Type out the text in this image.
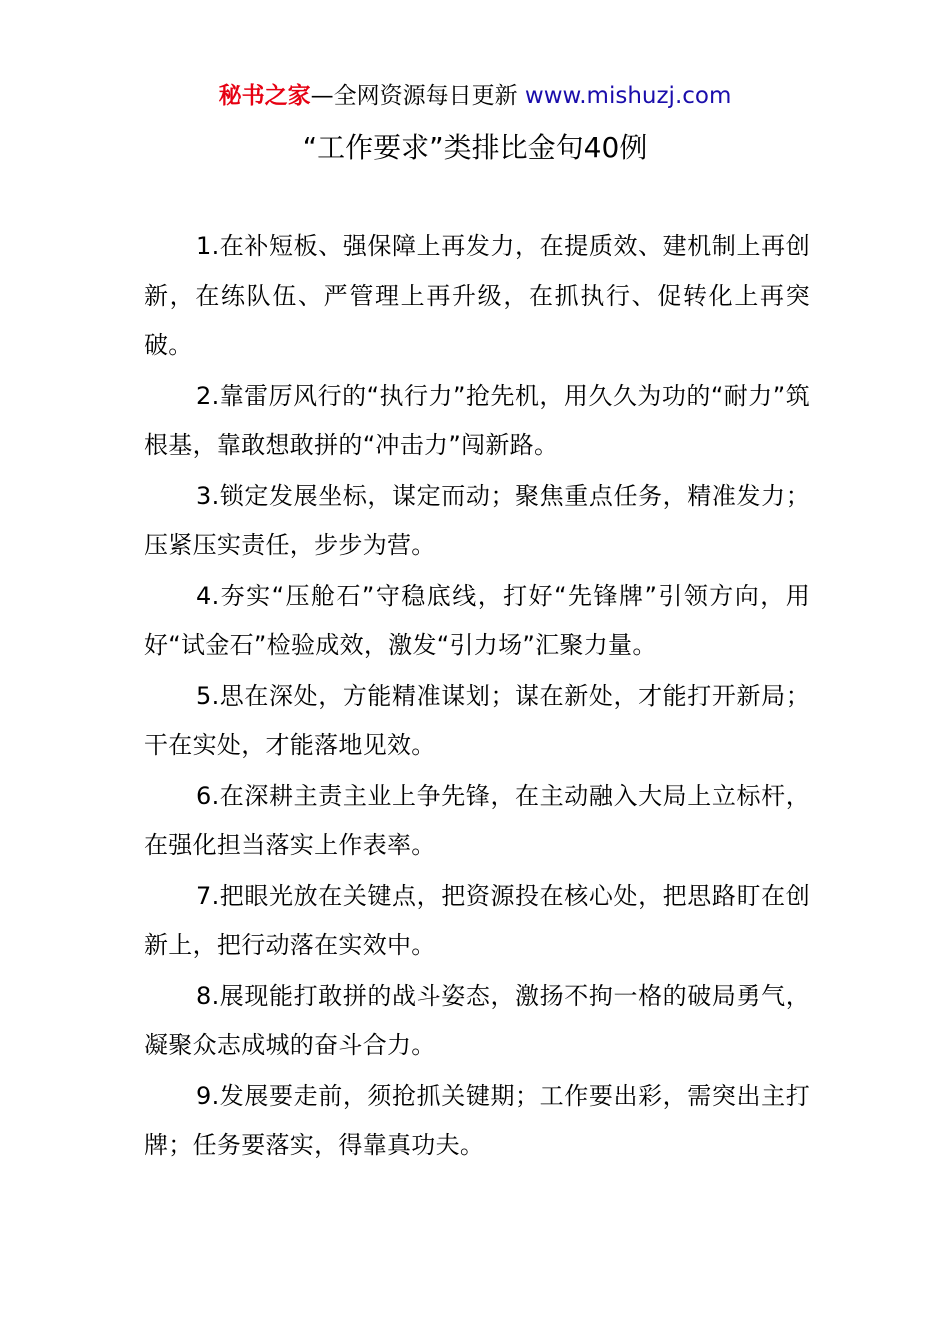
秘书之家—全网资源每日更新 www.mishuzj.com
“工作要求”类排比金句40例

1.在补短板、强保障上再发力，在提质效、建机制上再创新，在练队伍、严管理上再升级，在抓执行、促转化上再突破。

2.靠雷厉风行的“执行力”抢先机，用久久为功的“耐力”筑根基，靠敢想敢拼的“冲击力”闯新路。

3.锁定发展坐标，谋定而动；聚焦重点任务，精准发力；压紧压实责任，步步为营。

4.夯实“压舱石”守稳底线，打好“先锋牌”引领方向，用好“试金石”检验成效，激发“引力场”汇聚力量。

5.思在深处，方能精准谋划；谋在新处，才能打开新局；干在实处，才能落地见效。

6.在深耕主责主业上争先锋，在主动融入大局上立标杆，在强化担当落实上作表率。

7.把眼光放在关键点，把资源投在核心处，把思路盯在创新上，把行动落在实效中。

8.展现能打敢拼的战斗姿态，激扬不拘一格的破局勇气，凝聚众志成城的奋斗合力。

9.发展要走前，须抢抓关键期；工作要出彩，需突出主打牌；任务要落实，得靠真功夫。
